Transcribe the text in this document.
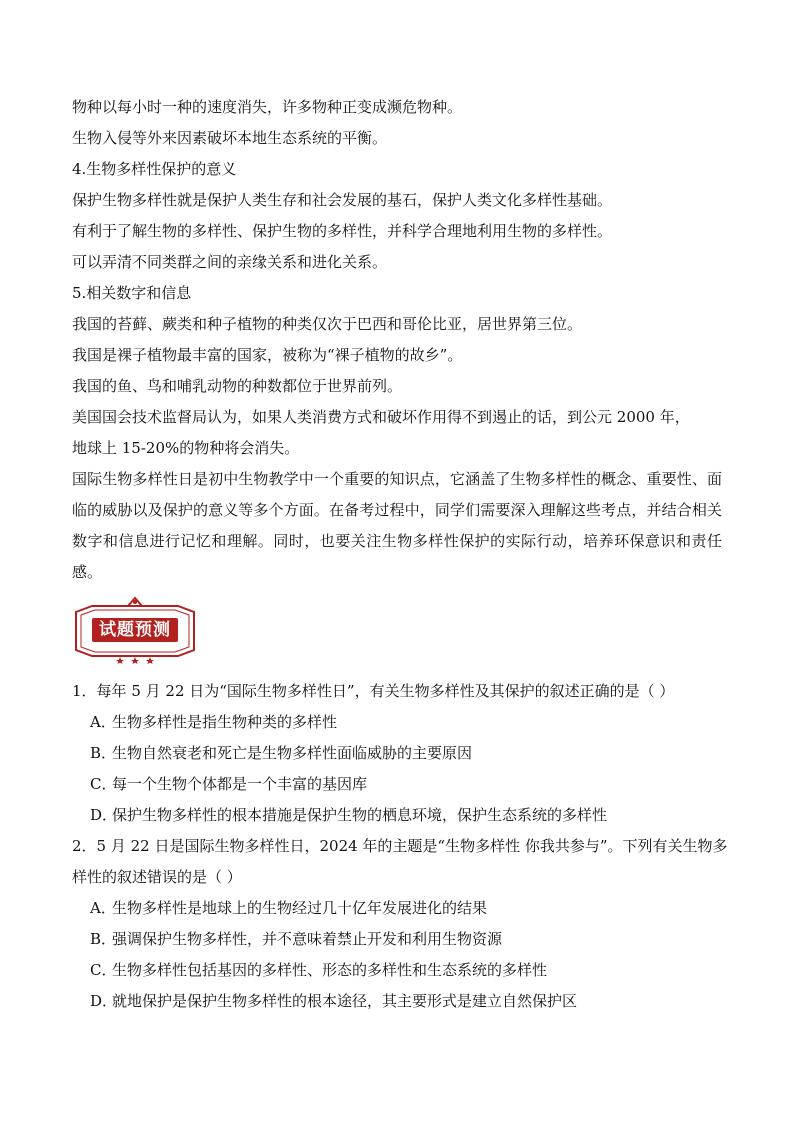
物种以每小时一种的速度消失，许多物种正变成濒危物种。

生物入侵等外来因素破坏本地生态系统的平衡。

4.生物多样性保护的意义

保护生物多样性就是保护人类生存和社会发展的基石，保护人类文化多样性基础。

有利于了解生物的多样性、保护生物的多样性，并科学合理地利用生物的多样性。

可以弄清不同类群之间的亲缘关系和进化关系。

5.相关数字和信息

我国的苔藓、蕨类和种子植物的种类仅次于巴西和哥伦比亚，居世界第三位。

我国是裸子植物最丰富的国家，被称为“裸子植物的故乡”。

我国的鱼、鸟和哺乳动物的种数都位于世界前列。

美国国会技术监督局认为，如果人类消费方式和破坏作用得不到遏止的话，到公元 2000 年，

地球上 15-20%的物种将会消失。

国际生物多样性日是初中生物教学中一个重要的知识点，它涵盖了生物多样性的概念、重要性、面临的威胁以及保护的意义等多个方面。在备考过程中，同学们需要深入理解这些考点，并结合相关数字和信息进行记忆和理解。同时，也要关注生物多样性保护的实际行动，培养环保意识和责任感。

试题预测

1．每年 5 月 22 日为“国际生物多样性日”，有关生物多样性及其保护的叙述正确的是（ ）

A．生物多样性是指生物种类的多样性

B．生物自然衰老和死亡是生物多样性面临威胁的主要原因

C．每一个生物个体都是一个丰富的基因库

D．保护生物多样性的根本措施是保护生物的栖息环境，保护生态系统的多样性

2．5 月 22 日是国际生物多样性日，2024 年的主题是“生物多样性 你我共参与”。下列有关生物多样性的叙述错误的是（ ）

A．生物多样性是地球上的生物经过几十亿年发展进化的结果

B．强调保护生物多样性，并不意味着禁止开发和利用生物资源

C．生物多样性包括基因的多样性、形态的多样性和生态系统的多样性

D．就地保护是保护生物多样性的根本途径，其主要形式是建立自然保护区
